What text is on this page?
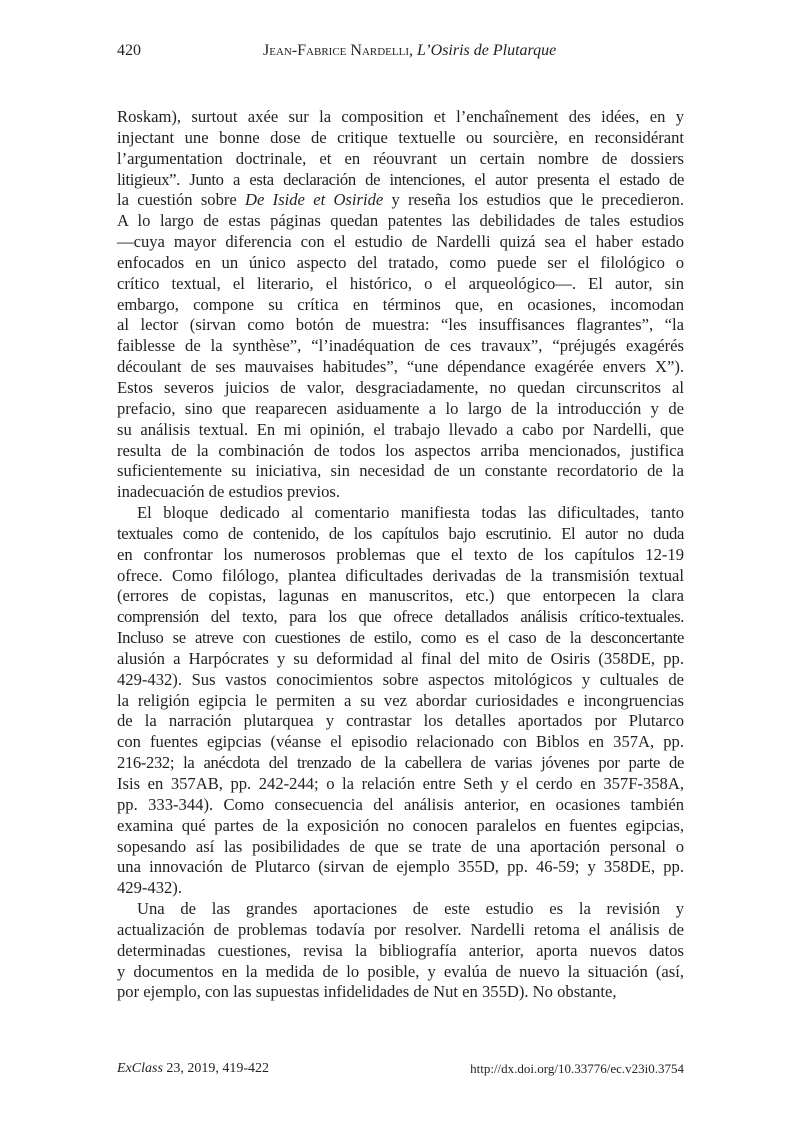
420	Jean-Fabrice Nardelli, L’Osiris de Plutarque
Roskam), surtout axée sur la composition et l’enchaînement des idées, en y
injectant une bonne dose de critique textuelle ou sourcière, en reconsidérant
l’argumentation doctrinale, et en réouvrant un certain nombre de dossiers
litigieux”. Junto a esta declaración de intenciones, el autor presenta el estado de
la cuestión sobre De Iside et Osiride y reseña los estudios que le precedieron.
A lo largo de estas páginas quedan patentes las debilidades de tales estudios
—cuya mayor diferencia con el estudio de Nardelli quizá sea el haber estado
enfocados en un único aspecto del tratado, como puede ser el filológico o
crítico textual, el literario, el histórico, o el arqueológico—. El autor, sin
embargo, compone su crítica en términos que, en ocasiones, incomodan
al lector (sirvan como botón de muestra: “les insuffisances flagrantes”, “la
faiblesse de la synthèse”, “l’inadéquation de ces travaux”, “préjugés exagérés
découlant de ses mauvaises habitudes”, “une dépendance exagérée envers X”).
Estos severos juicios de valor, desgraciadamente, no quedan circunscritos al
prefacio, sino que reaparecen asiduamente a lo largo de la introducción y de
su análisis textual. En mi opinión, el trabajo llevado a cabo por Nardelli, que
resulta de la combinación de todos los aspectos arriba mencionados, justifica
suficientemente su iniciativa, sin necesidad de un constante recordatorio de la
inadecuación de estudios previos.
El bloque dedicado al comentario manifiesta todas las dificultades, tanto
textuales como de contenido, de los capítulos bajo escrutinio. El autor no duda
en confrontar los numerosos problemas que el texto de los capítulos 12-19
ofrece. Como filólogo, plantea dificultades derivadas de la transmisión textual
(errores de copistas, lagunas en manuscritos, etc.) que entorpecen la clara
comprensión del texto, para los que ofrece detallados análisis crítico-textuales.
Incluso se atreve con cuestiones de estilo, como es el caso de la desconcertante
alusión a Harpócrates y su deformidad al final del mito de Osiris (358DE, pp.
429-432). Sus vastos conocimientos sobre aspectos mitológicos y cultuales de
la religión egipcia le permiten a su vez abordar curiosidades e incongruencias
de la narración plutarquea y contrastar los detalles aportados por Plutarco
con fuentes egipcias (véanse el episodio relacionado con Biblos en 357A, pp.
216-232; la anécdota del trenzado de la cabellera de varias jóvenes por parte de
Isis en 357AB, pp. 242-244; o la relación entre Seth y el cerdo en 357F-358A,
pp. 333-344). Como consecuencia del análisis anterior, en ocasiones también
examina qué partes de la exposición no conocen paralelos en fuentes egipcias,
sopesando así las posibilidades de que se trate de una aportación personal o
una innovación de Plutarco (sirvan de ejemplo 355D, pp. 46-59; y 358DE, pp.
429-432).
Una de las grandes aportaciones de este estudio es la revisión y
actualización de problemas todavía por resolver. Nardelli retoma el análisis de
determinadas cuestiones, revisa la bibliografía anterior, aporta nuevos datos
y documentos en la medida de lo posible, y evalúa de nuevo la situación (así,
por ejemplo, con las supuestas infidelidades de Nut en 355D). No obstante,
ExClass 23, 2019, 419-422	http://dx.doi.org/10.33776/ec.v23i0.3754
